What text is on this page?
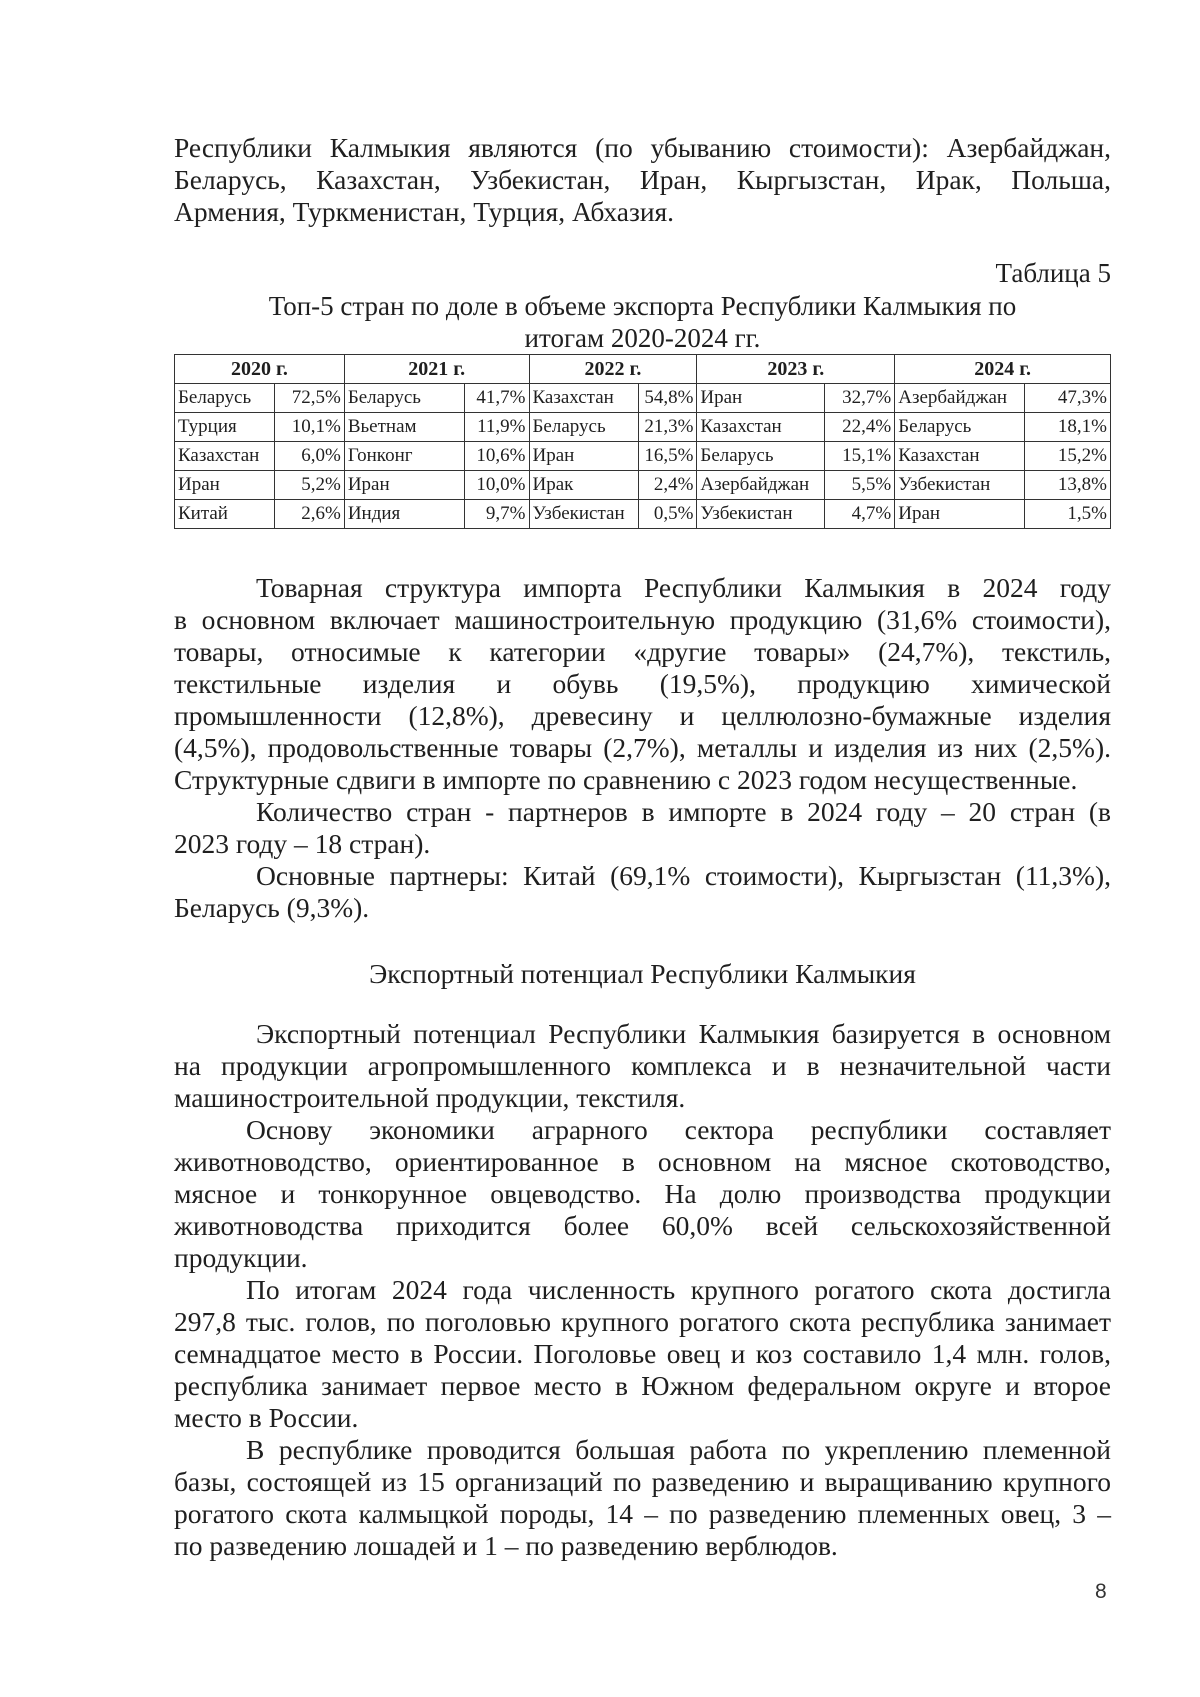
Республики Калмыкия являются (по убыванию стоимости): Азербайджан,
Беларусь, Казахстан, Узбекистан, Иран, Кыргызстан, Ирак, Польша,
Армения, Туркменистан, Турция, Абхазия.
Таблица 5
Топ-5 стран по доле в объеме экспорта Республики Калмыкия по
итогам 2020-2024 гг.
2020 г.		2021 г.		2022 г.		2023 г.		2024 г.	
Беларусь	72,5%	Беларусь	41,7%	Казахстан	54,8%	Иран	32,7%	Азербайджан	47,3%
Турция	10,1%	Вьетнам	11,9%	Беларусь	21,3%	Казахстан	22,4%	Беларусь	18,1%
Казахстан	6,0%	Гонконг	10,6%	Иран	16,5%	Беларусь	15,1%	Казахстан	15,2%
Иран	5,2%	Иран	10,0%	Ирак	2,4%	Азербайджан	5,5%	Узбекистан	13,8%
Китай	2,6%	Индия	9,7%	Узбекистан	0,5%	Узбекистан	4,7%	Иран	1,5%
Товарная структура импорта Республики Калмыкия в 2024 году
в основном включает машиностроительную продукцию (31,6% стоимости),
товары, относимые к категории «другие товары» (24,7%), текстиль,
текстильные изделия и обувь (19,5%), продукцию химической
промышленности (12,8%), древесину и целлюлозно-бумажные изделия
(4,5%), продовольственные товары (2,7%), металлы и изделия из них (2,5%).
Структурные сдвиги в импорте по сравнению с 2023 годом несущественные.
Количество стран - партнеров в импорте в 2024 году – 20 стран (в
2023 году – 18 стран).
Основные партнеры: Китай (69,1% стоимости), Кыргызстан (11,3%),
Беларусь (9,3%).
Экспортный потенциал Республики Калмыкия
Экспортный потенциал Республики Калмыкия базируется в основном
на продукции агропромышленного комплекса и в незначительной части
машиностроительной продукции, текстиля.
Основу экономики аграрного сектора республики составляет
животноводство, ориентированное в основном на мясное скотоводство,
мясное и тонкорунное овцеводство. На долю производства продукции
животноводства приходится более 60,0% всей сельскохозяйственной
продукции.
По итогам 2024 года численность крупного рогатого скота достигла
297,8 тыс. голов, по поголовью крупного рогатого скота республика занимает
семнадцатое место в России. Поголовье овец и коз составило 1,4 млн. голов,
республика занимает первое место в Южном федеральном округе и второе
место в России.
В республике проводится большая работа по укреплению племенной
базы, состоящей из 15 организаций по разведению и выращиванию крупного
рогатого скота калмыцкой породы, 14 – по разведению племенных овец, 3 –
по разведению лошадей и 1 – по разведению верблюдов.
8
